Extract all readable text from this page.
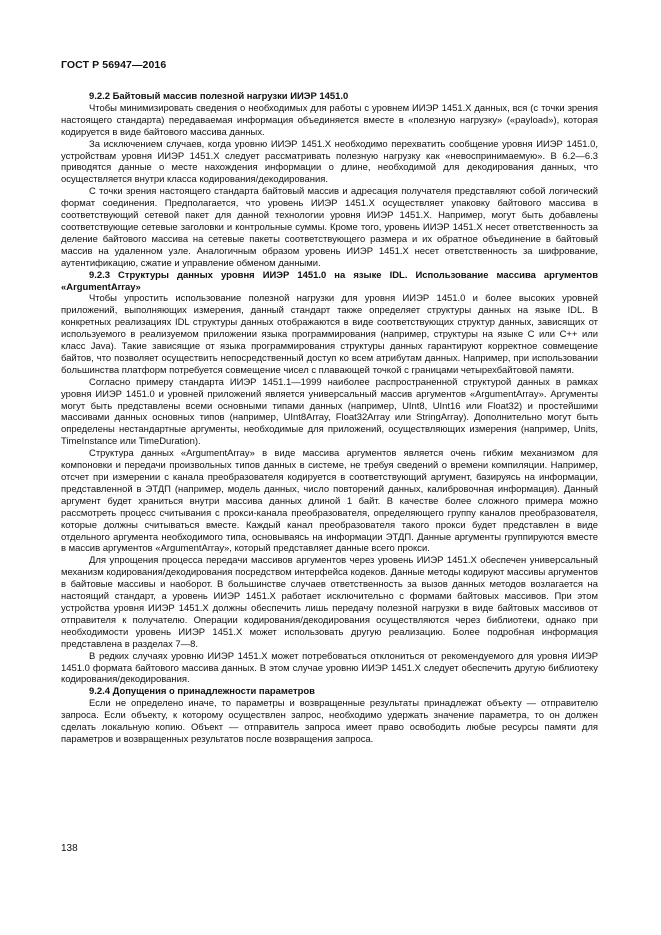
ГОСТ Р 56947—2016

9.2.2 Байтовый массив полезной нагрузки ИИЭР 1451.0

Чтобы минимизировать сведения о необходимых для работы с уровнем ИИЭР 1451.Х данных, вся (с точки зрения настоящего стандарта) передаваемая информация объединяется вместе в «полезную нагрузку» («payload»), которая кодируется в виде байтового массива данных.

За исключением случаев, когда уровню ИИЭР 1451.Х необходимо перехватить сообщение уровня ИИЭР 1451.0, устройствам уровня ИИЭР 1451.Х следует рассматривать полезную нагрузку как «невоспринимаемую». В 6.2—6.3 приводятся данные о месте нахождения информации о длине, необходимой для декодирования данных, что осуществляется внутри класса кодирования/декодирования.

С точки зрения настоящего стандарта байтовый массив и адресация получателя представляют собой логический формат соединения. Предполагается, что уровень ИИЭР 1451.Х осуществляет упаковку байтового массива в соответствующий сетевой пакет для данной технологии уровня ИИЭР 1451.Х. Например, могут быть добавлены соответствующие сетевые заголовки и контрольные суммы. Кроме того, уровень ИИЭР 1451.Х несет ответственность за деление байтового массива на сетевые пакеты соответствующего размера и их обратное объединение в байтовый массив на удаленном узле. Аналогичным образом уровень ИИЭР 1451.Х несет ответственность за шифрование, аутентификацию, сжатие и управление обменом данными.

9.2.3 Структуры данных уровня ИИЭР 1451.0 на языке IDL. Использование массива аргументов «ArgumentArray»

Чтобы упростить использование полезной нагрузки для уровня ИИЭР 1451.0 и более высоких уровней приложений, выполняющих измерения, данный стандарт также определяет структуры данных на языке IDL. В конкретных реализациях IDL структуры данных отображаются в виде соответствующих структур данных, зависящих от используемого в реализуемом приложении языка программирования (например, структуры на языке С или С++ или класс Java). Такие зависящие от языка программирования структуры данных гарантируют корректное совмещение байтов, что позволяет осуществить непосредственный доступ ко всем атрибутам данных. Например, при использовании большинства платформ потребуется совмещение чисел с плавающей точкой с границами четырехбайтовой памяти.

Согласно примеру стандарта ИИЭР 1451.1—1999 наиболее распространенной структурой данных в рамках уровня ИИЭР 1451.0 и уровней приложений является универсальный массив аргументов «ArgumentArray». Аргументы могут быть представлены всеми основными типами данных (например, UInt8, UInt16 или Float32) и простейшими массивами данных основных типов (например, UInt8Array, Float32Array или StringArray). Дополнительно могут быть определены нестандартные аргументы, необходимые для приложений, осуществляющих измерения (например, Units, TimeInstance или TimeDuration).

Структура данных «ArgumentArray» в виде массива аргументов является очень гибким механизмом для компоновки и передачи произвольных типов данных в системе, не требуя сведений о времени компиляции. Например, отсчет при измерении с канала преобразователя кодируется в соответствующий аргумент, базируясь на информации, представленной в ЭТДП (например, модель данных, число повторений данных, калибровочная информация). Данный аргумент будет храниться внутри массива данных длиной 1 байт. В качестве более сложного примера можно рассмотреть процесс считывания с прокси-канала преобразователя, определяющего группу каналов преобразователя, которые должны считываться вместе. Каждый канал преобразователя такого прокси будет представлен в виде отдельного аргумента необходимого типа, основываясь на информации ЭТДП. Данные аргументы группируются вместе в массив аргументов «ArgumentArray», который представляет данные всего прокси.

Для упрощения процесса передачи массивов аргументов через уровень ИИЭР 1451.Х обеспечен универсальный механизм кодирования/декодирования посредством интерфейса кодеков. Данные методы кодируют массивы аргументов в байтовые массивы и наоборот. В большинстве случаев ответственность за вызов данных методов возлагается на настоящий стандарт, а уровень ИИЭР 1451.Х работает исключительно с формами байтовых массивов. При этом устройства уровня ИИЭР 1451.Х должны обеспечить лишь передачу полезной нагрузки в виде байтовых массивов от отправителя к получателю. Операции кодирования/декодирования осуществляются через библиотеки, однако при необходимости уровень ИИЭР 1451.Х может использовать другую реализацию. Более подробная информация представлена в разделах 7—8.

В редких случаях уровню ИИЭР 1451.Х может потребоваться отклониться от рекомендуемого для уровня ИИЭР 1451.0 формата байтового массива данных. В этом случае уровню ИИЭР 1451.Х следует обеспечить другую библиотеку кодирования/декодирования.

9.2.4 Допущения о принадлежности параметров

Если не определено иначе, то параметры и возвращенные результаты принадлежат объекту — отправителю запроса. Если объекту, к которому осуществлен запрос, необходимо удержать значение параметра, то он должен сделать локальную копию. Объект — отправитель запроса имеет право освободить любые ресурсы памяти для параметров и возвращенных результатов после возвращения запроса.

138
